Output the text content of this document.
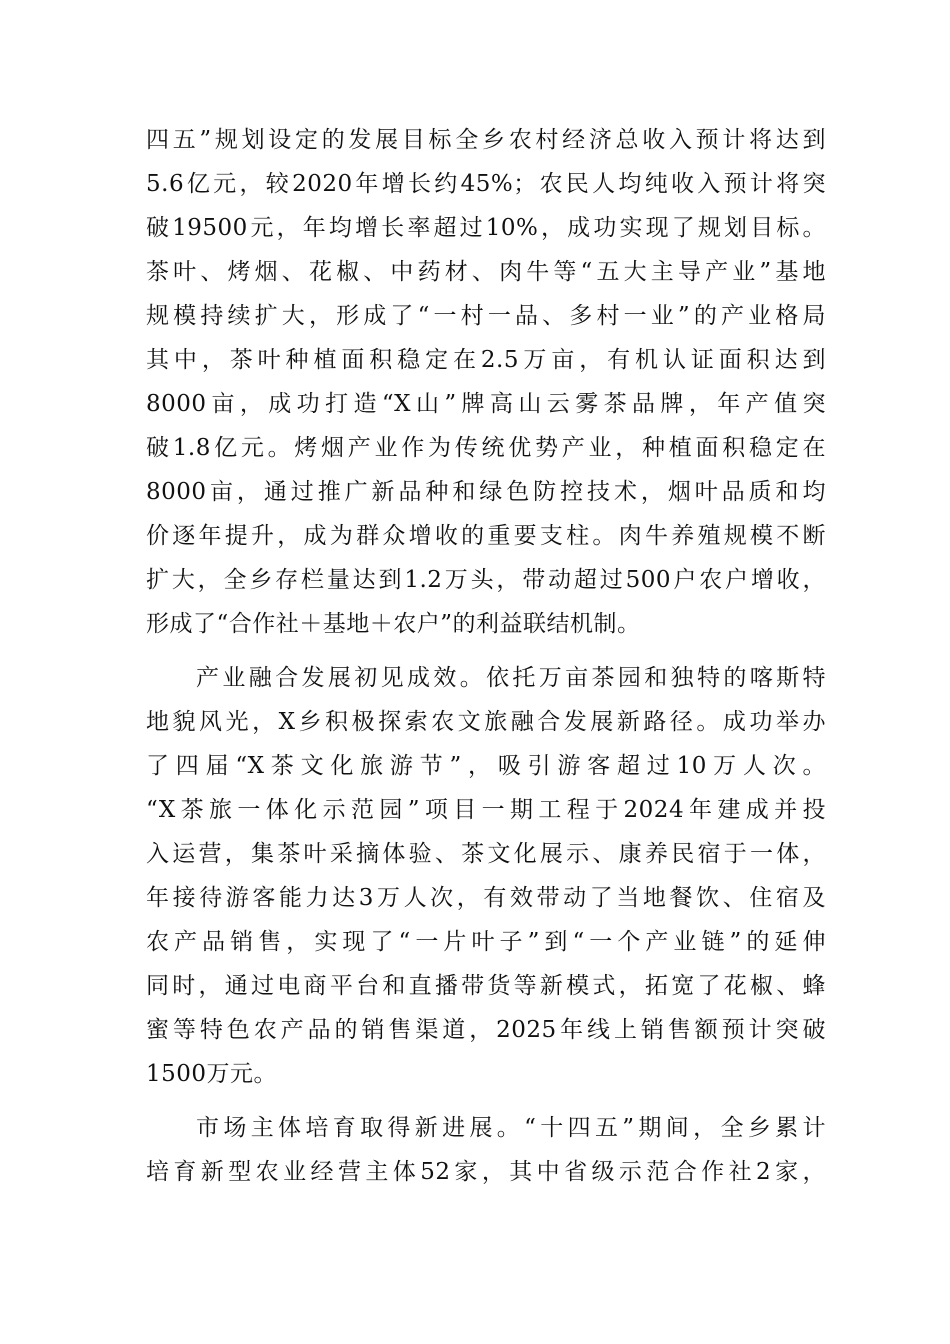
四五”规划设定的发展目标全乡农村经济总收入预计将达到
5.6亿元，较2020年增长约45%；农民人均纯收入预计将突
破19500元，年均增长率超过10%，成功实现了规划目标。
茶叶、烤烟、花椒、中药材、肉牛等“五大主导产业”基地
规模持续扩大，形成了“一村一品、多村一业”的产业格局
其中，茶叶种植面积稳定在2.5万亩，有机认证面积达到
8000亩，成功打造“X山”牌高山云雾茶品牌，年产值突
破1.8亿元。烤烟产业作为传统优势产业，种植面积稳定在
8000亩，通过推广新品种和绿色防控技术，烟叶品质和均
价逐年提升，成为群众增收的重要支柱。肉牛养殖规模不断
扩大，全乡存栏量达到1.2万头，带动超过500户农户增收，
形成了“合作社＋基地＋农户”的利益联结机制。
产业融合发展初见成效。依托万亩茶园和独特的喀斯特
地貌风光，X乡积极探索农文旅融合发展新路径。成功举办
了四届“X茶文化旅游节”，吸引游客超过10万人次。
“X茶旅一体化示范园”项目一期工程于2024年建成并投
入运营，集茶叶采摘体验、茶文化展示、康养民宿于一体，
年接待游客能力达3万人次，有效带动了当地餐饮、住宿及
农产品销售，实现了“一片叶子”到“一个产业链”的延伸
同时，通过电商平台和直播带货等新模式，拓宽了花椒、蜂
蜜等特色农产品的销售渠道，2025年线上销售额预计突破
1500万元。
市场主体培育取得新进展。“十四五”期间，全乡累计
培育新型农业经营主体52家，其中省级示范合作社2家，
